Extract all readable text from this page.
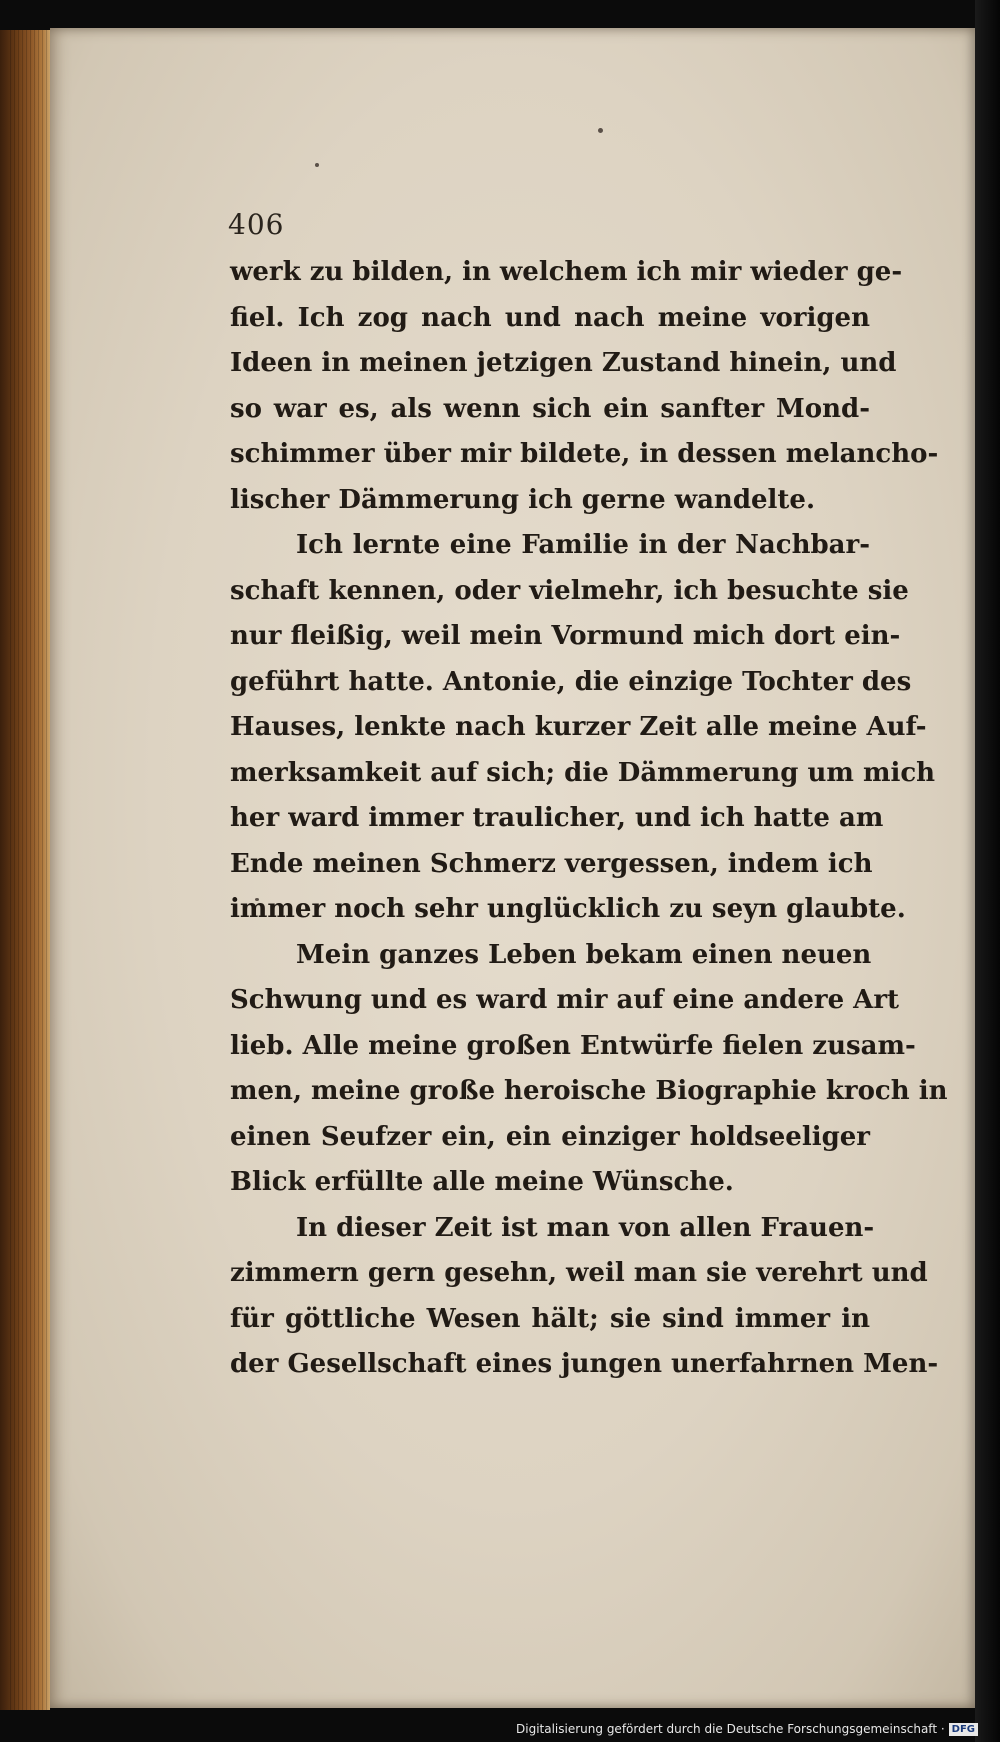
406

werk zu bilden, in welchem ich mir wieder ge-
fiel. Ich zog nach und nach meine vorigen
Ideen in meinen jetzigen Zustand hinein, und
so war es, als wenn sich ein sanfter Mond-
schimmer über mir bildete, in dessen melancho-
lischer Dämmerung ich gerne wandelte.
Ich lernte eine Familie in der Nachbar-
schaft kennen, oder vielmehr, ich besuchte sie
nur fleißig, weil mein Vormund mich dort ein-
geführt hatte. Antonie, die einzige Tochter des
Hauses, lenkte nach kurzer Zeit alle meine Auf-
merksamkeit auf sich; die Dämmerung um mich
her ward immer traulicher, und ich hatte am
Ende meinen Schmerz vergessen, indem ich
immer noch sehr unglücklich zu seyn glaubte.
Mein ganzes Leben bekam einen neuen
Schwung und es ward mir auf eine andere Art
lieb. Alle meine großen Entwürfe fielen zusam-
men, meine große heroische Biographie kroch in
einen Seufzer ein, ein einziger holdseeliger
Blick erfüllte alle meine Wünsche.
In dieser Zeit ist man von allen Frauen-
zimmern gern gesehn, weil man sie verehrt und
für göttliche Wesen hält; sie sind immer in
der Gesellschaft eines jungen unerfahrnen Men-

Digitalisierung gefördert durch die Deutsche Forschungsgemeinschaft · DFG
